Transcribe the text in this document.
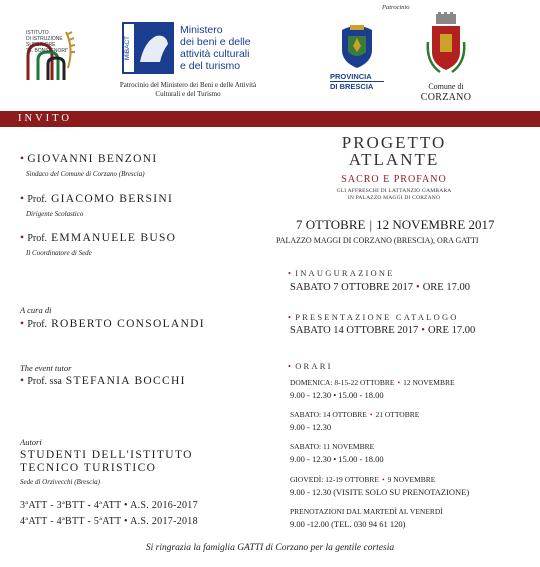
ISTITUTO
DI ISTRUZIONE
SUPERIORE
"G. BONSIGNORI"	MiBACT
Ministero
dei beni e delle
attività culturali
e del turismo
Patrocinio del Ministero dei Beni e delle Attività Culturali e del Turismo
Patrocinio
PROVINCIA
DI BRESCIA	Comune di
CORZANO
INVITO
• GIOVANNI BENZONI
Sindaco del Comune di Corzano (Brescia)
• Prof. GIACOMO BERSINI
Dirigente Scolastico
• Prof. EMMANUELE BUSO
Il Coordinatore di Sede
A cura di
• Prof. ROBERTO CONSOLANDI
The event tutor
• Prof. ssa STEFANIA BOCCHI
Autori
STUDENTI DELL'ISTITUTO
TECNICO TURISTICO
Sede di Orzivecchi (Brescia)
3ªATT - 3ªBTT - 4ªATT • A.S. 2016-2017
4ªATT - 4ªBTT - 5ªATT • A.S. 2017-2018
PROGETTO
ATLANTE
SACRO E PROFANO
GLI AFFRESCHI DI LATTANZIO GAMBARA
IN PALAZZO MAGGI DI CORZANO
7 OTTOBRE | 12 NOVEMBRE 2017
PALAZZO MAGGI DI CORZANO (BRESCIA), ORA GATTI
• INAUGURAZIONE
SABATO 7 OTTOBRE 2017 • ORE 17.00
• PRESENTAZIONE CATALOGO
SABATO 14 OTTOBRE 2017 • ORE 17.00
• ORARI
DOMENICA: 8-15-22 OTTOBRE • 12 NOVEMBRE
9.00 - 12.30 • 15.00 - 18.00
SABATO: 14 OTTOBRE • 21 OTTOBRE
9.00 - 12.30
SABATO: 11 NOVEMBRE
9.00 - 12.30 • 15.00 - 18.00
GIOVEDÌ: 12-19 OTTOBRE • 9 NOVEMBRE
9.00 - 12.30 (VISITE SOLO SU PRENOTAZIONE)
PRENOTAZIONI DAL MARTEDÌ AL VENERDÌ
9.00 -12.00 (TEL. 030 94 61 120)
Si ringrazia la famiglia GATTI di Corzano per la gentile cortesia
